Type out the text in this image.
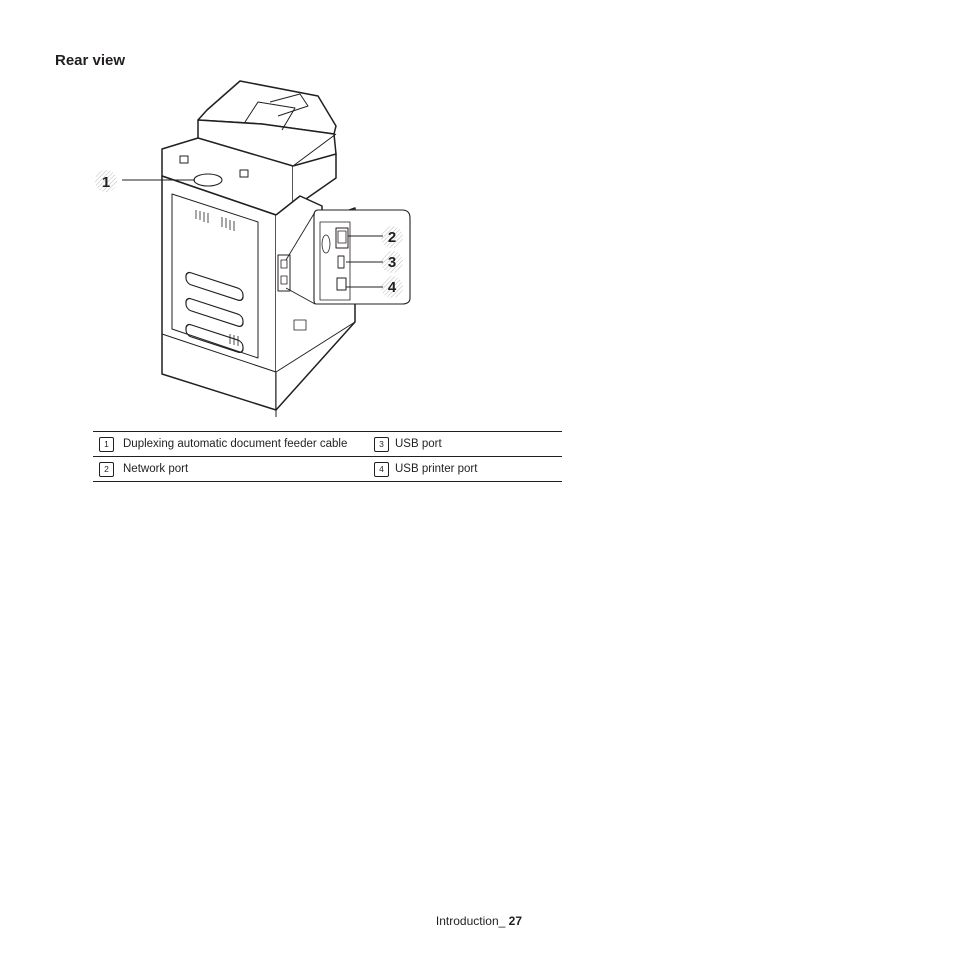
Rear view
1
2
3
4
1	Duplexing automatic document feeder cable	3	USB port
2	Network port	4	USB printer port
Introduction_ 27
